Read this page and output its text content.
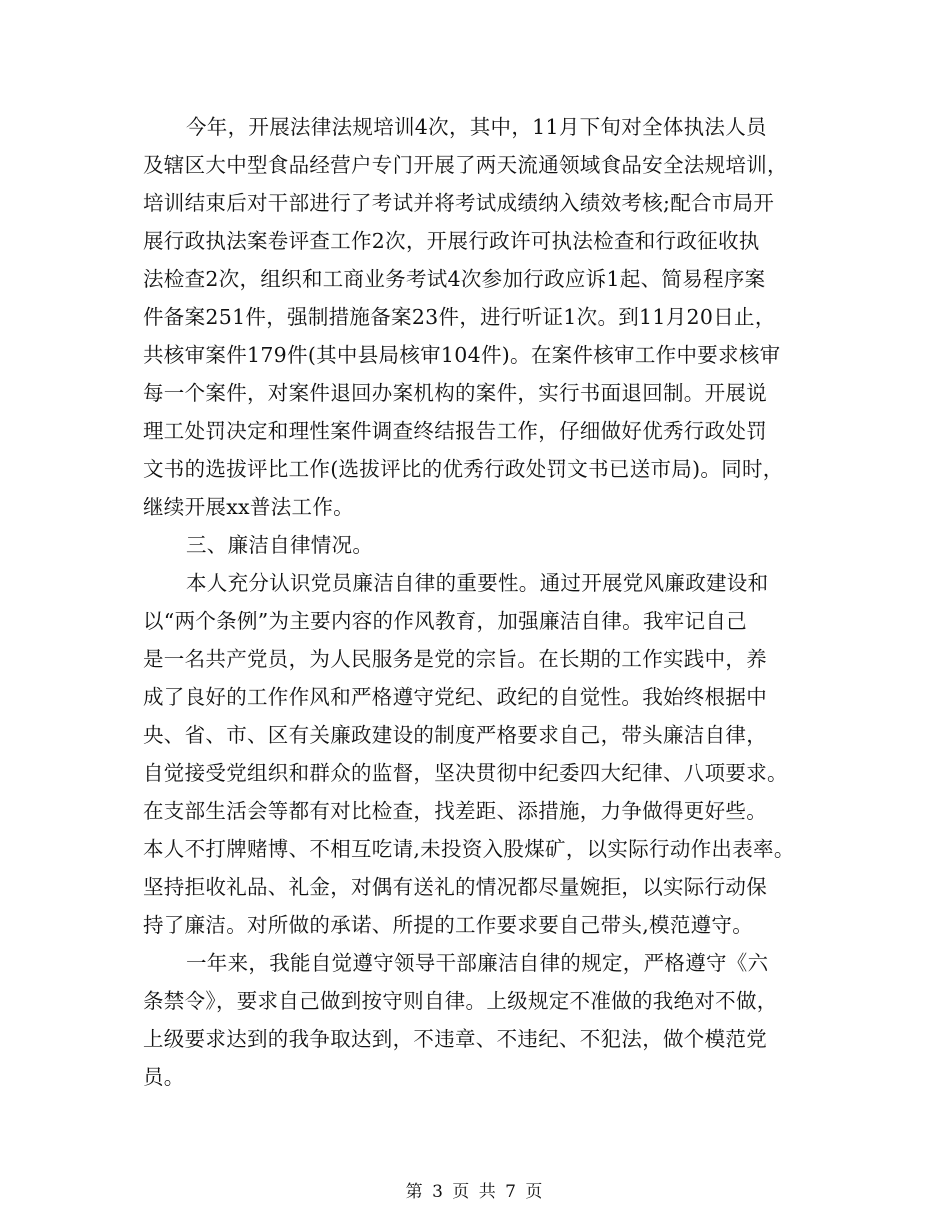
今年，开展法律法规培训4次，其中，11月下旬对全体执法人员
及辖区大中型食品经营户专门开展了两天流通领域食品安全法规培训，
培训结束后对干部进行了考试并将考试成绩纳入绩效考核;配合市局开
展行政执法案卷评查工作2次，开展行政许可执法检查和行政征收执
法检查2次，组织和工商业务考试4次参加行政应诉1起、简易程序案
件备案251件，强制措施备案23件，进行听证1次。到11月20日止，
共核审案件179件(其中县局核审104件)。在案件核审工作中要求核审
每一个案件，对案件退回办案机构的案件，实行书面退回制。开展说
理工处罚决定和理性案件调查终结报告工作，仔细做好优秀行政处罚
文书的选拔评比工作(选拔评比的优秀行政处罚文书已送市局)。同时，
继续开展xx普法工作。
三、廉洁自律情况。
本人充分认识党员廉洁自律的重要性。通过开展党风廉政建设和
以“两个条例”为主要内容的作风教育，加强廉洁自律。我牢记自己
是一名共产党员，为人民服务是党的宗旨。在长期的工作实践中，养
成了良好的工作作风和严格遵守党纪、政纪的自觉性。我始终根据中
央、省、市、区有关廉政建设的制度严格要求自己，带头廉洁自律，
自觉接受党组织和群众的监督，坚决贯彻中纪委四大纪律、八项要求。
在支部生活会等都有对比检查，找差距、添措施，力争做得更好些。
本人不打牌赌博、不相互吃请,未投资入股煤矿，以实际行动作出表率。
坚持拒收礼品、礼金，对偶有送礼的情况都尽量婉拒，以实际行动保
持了廉洁。对所做的承诺、所提的工作要求要自己带头,模范遵守。
一年来，我能自觉遵守领导干部廉洁自律的规定，严格遵守《六
条禁令》，要求自己做到按守则自律。上级规定不准做的我绝对不做，
上级要求达到的我争取达到，不违章、不违纪、不犯法，做个模范党
员。
第 3 页 共 7 页
